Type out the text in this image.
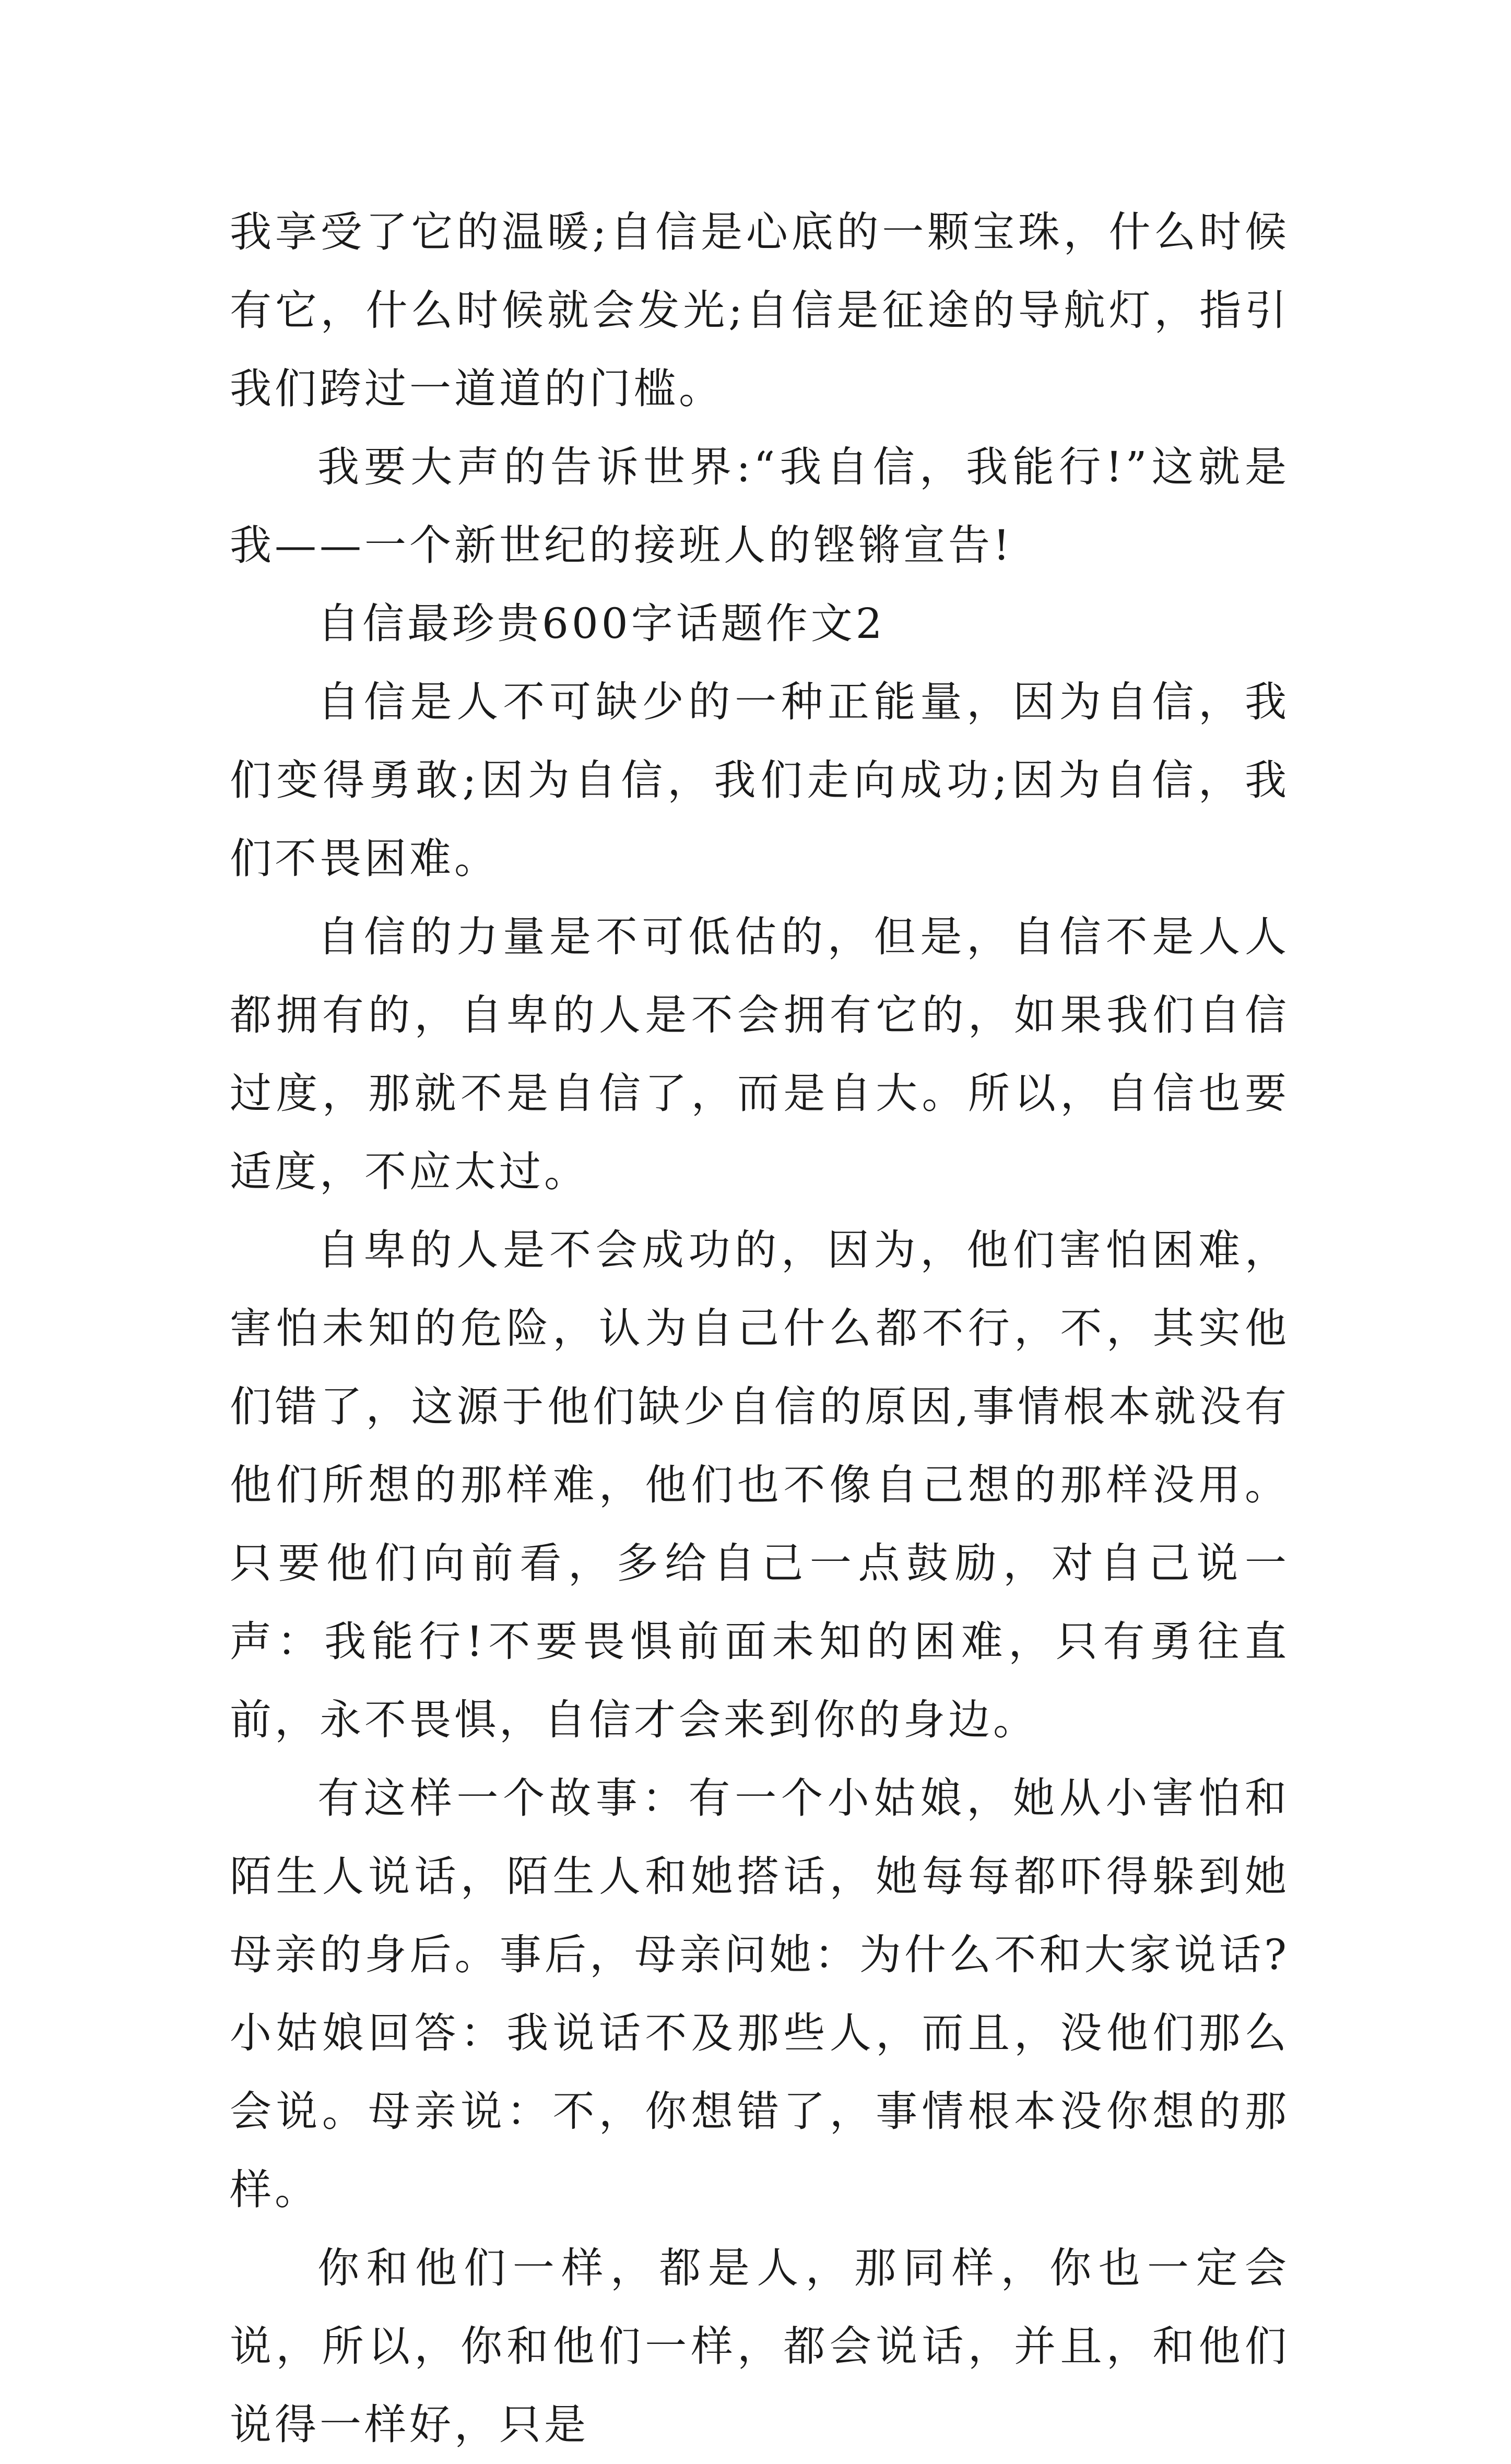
我享受了它的温暖;自信是心底的一颗宝珠，什么时候有它，什么时候就会发光;自信是征途的导航灯，指引我们跨过一道道的门槛。

我要大声的告诉世界:“我自信，我能行!”这就是我——一个新世纪的接班人的铿锵宣告!

自信最珍贵600字话题作文2

自信是人不可缺少的一种正能量，因为自信，我们变得勇敢;因为自信，我们走向成功;因为自信，我们不畏困难。

自信的力量是不可低估的，但是，自信不是人人都拥有的，自卑的人是不会拥有它的，如果我们自信过度，那就不是自信了，而是自大。所以，自信也要适度，不应太过。

自卑的人是不会成功的，因为，他们害怕困难，害怕未知的危险，认为自己什么都不行，不，其实他们错了，这源于他们缺少自信的原因,事情根本就没有他们所想的那样难，他们也不像自己想的那样没用。只要他们向前看，多给自己一点鼓励，对自己说一声：我能行!不要畏惧前面未知的困难，只有勇往直前，永不畏惧，自信才会来到你的身边。

有这样一个故事：有一个小姑娘，她从小害怕和陌生人说话，陌生人和她搭话，她每每都吓得躲到她母亲的身后。事后，母亲问她：为什么不和大家说话?小姑娘回答：我说话不及那些人，而且，没他们那么会说。母亲说：不，你想错了，事情根本没你想的那样。

你和他们一样，都是人，那同样，你也一定会说，所以，你和他们一样，都会说话，并且，和他们说得一样好，只是
